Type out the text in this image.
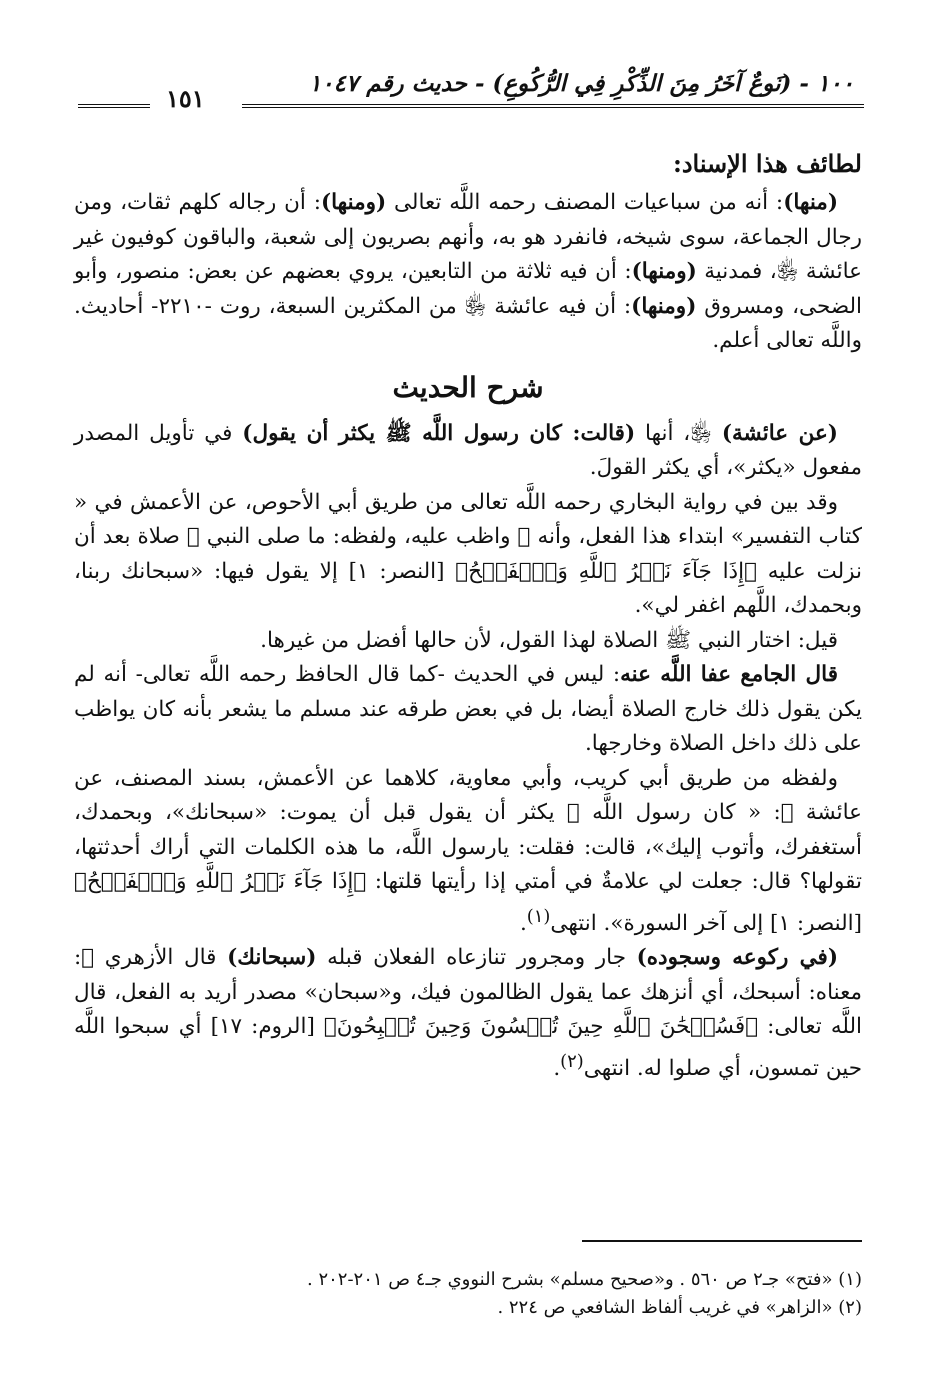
١٠٠ - (نَوعٌ آخَرُ مِنَ الذِّكْرِ فِي الرُّكُوعِ) - حديث رقم ١٠٤٧
١٥١

لطائف هذا الإسناد:

(منها): أنه من سباعيات المصنف رحمه اللَّه تعالى (ومنها): أن رجاله كلهم ثقات، ومن رجال الجماعة، سوى شيخه، فانفرد هو به، وأنهم بصريون إلى شعبة، والباقون كوفيون غير عائشة ﵂، فمدنية (ومنها): أن فيه ثلاثة من التابعين، يروي بعضهم عن بعض: منصور، وأبو الضحى، ومسروق (ومنها): أن فيه عائشة ﵂ من المكثرين السبعة، روت -٢٢١٠- أحاديث. واللَّه تعالى أعلم.

شرح الحديث

(عن عائشة) ﵂، أنها (قالت: كان رسول اللَّه ﷺ يكثر أن يقول) في تأويل المصدر مفعول «يكثر»، أي يكثر القولَ.

وقد بين في رواية البخاري رحمه اللَّه تعالى من طريق أبي الأحوص، عن الأعمش في « كتاب التفسير» ابتداء هذا الفعل، وأنه ﷺ واظب عليه، ولفظه: ما صلى النبي ﷺ صلاة بعد أن نزلت عليه ﴿إِذَا جَآءَ نَصۡرُ ٱللَّهِ وَٱلۡفَتۡحُ﴾ [النصر: ١] إلا يقول فيها: «سبحانك ربنا، وبحمدك، اللَّهم اغفر لي».

قيل: اختار النبي ﷺ الصلاة لهذا القول، لأن حالها أفضل من غيرها.

قال الجامع عفا اللَّه عنه: ليس في الحديث -كما قال الحافظ رحمه اللَّه تعالى- أنه لم يكن يقول ذلك خارج الصلاة أيضا، بل في بعض طرقه عند مسلم ما يشعر بأنه كان يواظب على ذلك داخل الصلاة وخارجها.

ولفظه من طريق أبي كريب، وأبي معاوية، كلاهما عن الأعمش، بسند المصنف، عن عائشة ﵂: « كان رسول اللَّه ﷺ يكثر أن يقول قبل أن يموت: «سبحانك»، وبحمدك، أستغفرك، وأتوب إليك»، قالت: فقلت: يارسول اللَّه، ما هذه الكلمات التي أراك أحدثتها، تقولها؟ قال: جعلت لي علامةٌ في أمتي إذا رأيتها قلتها: ﴿إِذَا جَآءَ نَصۡرُ ٱللَّهِ وَٱلۡفَتۡحُ﴾ [النصر: ١] إلى آخر السورة». انتهى$^{(١)}$.

(في ركوعه وسجوده) جار ومجرور تنازعاه الفعلان قبله (سبحانك) قال الأزهري ﵀: معناه: أسبحك، أي أنزهك عما يقول الظالمون فيك، و«سبحان» مصدر أريد به الفعل، قال اللَّه تعالى: ﴿فَسُبۡحَٰنَ ٱللَّهِ حِينَ تُمۡسُونَ وَحِينَ تُصۡبِحُونَ﴾ [الروم: ١٧] أي سبحوا اللَّه حين تمسون، أي صلوا له. انتهى$^{(٢)}$.

(١) «فتح» جـ٢ ص ٥٦٠ . و«صحيح مسلم» بشرح النووي جـ٤ ص ٢٠١-٢٠٢ .
(٢) «الزاهر» في غريب ألفاظ الشافعي ص ٢٢٤ .
